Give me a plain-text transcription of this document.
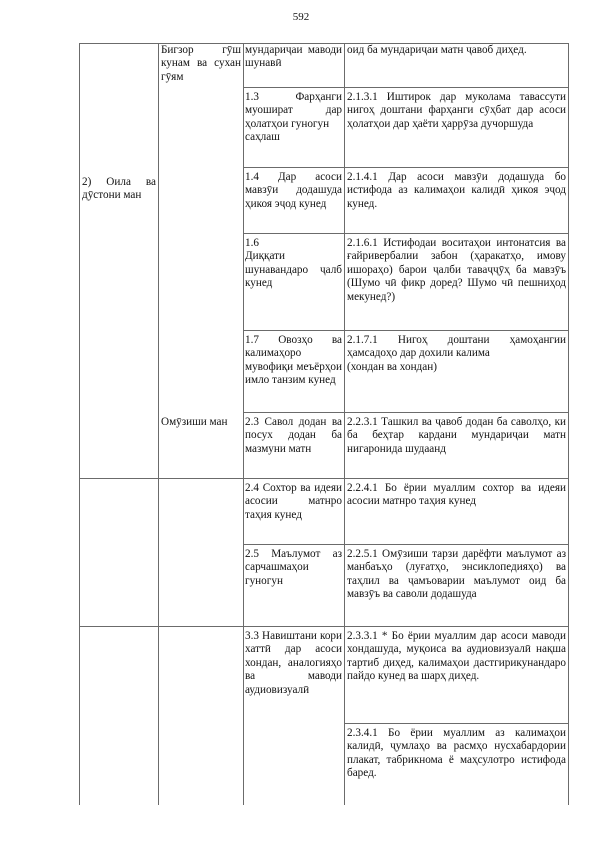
592
2) Оила ва дӯстони ман
Бигзор гӯш кунам ва сухан гӯям
Омӯзиши ман
мундариҷаи маводи шунавӣ
1.3 Фарҳанги муошират дар ҳолатҳои гуногун
саҳлаш
1.4 Дар асоси мавзӯи додашуда ҳикоя эҷод кунед
1.6
Диққати шунавандаро ҷалб кунед
1.7 Овозҳо ва калимаҳоро мувофиқи меъёрҳои имло танзим кунед
2.3 Савол додан ва посух додан ба мазмуни матн
2.4 Сохтор ва идеяи асосии матнро таҳия кунед
2.5 Маълумот аз сарчашмаҳои гуногун
3.3 Навиштани кори хаттӣ дар асоси хондан, аналогияҳо ва маводи аудиовизуалӣ
оид ба мундариҷаи матн ҷавоб диҳед.
2.1.3.1 Иштирок дар муколама тавассути нигоҳ доштани фарҳанги сӯҳбат дар асоси ҳолатҳои дар ҳаёти ҳаррӯза дучоршуда
2.1.4.1 Дар асоси мавзӯи додашуда бо истифода аз калимаҳои калидӣ ҳикоя эҷод кунед.
2.1.6.1 Истифодаи воситаҳои интонатсия ва ғайривербалии забон (ҳаракатҳо, имову ишораҳо) барои ҷалби таваҷҷӯҳ ба мавзӯъ (Шумо чӣ фикр доред? Шумо чӣ пешниҳод мекунед?)
2.1.7.1 Нигоҳ доштани ҳамоҳангии ҳамсадоҳо дар дохили калима
(хондан ва хондан)
2.2.3.1 Ташкил ва ҷавоб додан ба саволҳо, ки ба беҳтар кардани мундариҷаи матн нигаронида шудаанд
2.2.4.1 Бо ёрии муаллим сохтор ва идеяи асосии матнро таҳия кунед
2.2.5.1 Омӯзиши тарзи дарёфти маълумот аз манбаъҳо (луғатҳо, энсиклопедияҳо) ва таҳлил ва ҷамъоварии маълумот оид ба мавзӯъ ва саволи додашуда
2.3.3.1 * Бо ёрии муаллим дар асоси маводи хондашуда, муқоиса ва аудиовизуалӣ нақша тартиб диҳед, калимаҳои дастгирикунандаро пайдо кунед ва шарҳ диҳед.
2.3.4.1 Бо ёрии муаллим аз калимаҳои калидӣ, ҷумлаҳо ва расмҳо нусхабардории плакат, табрикнома ё маҳсулотро истифода баред.
